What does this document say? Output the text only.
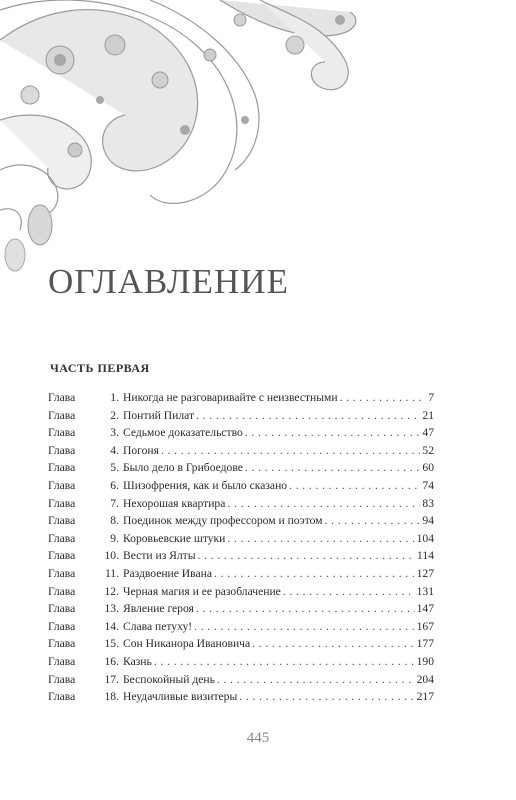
ОГЛАВЛЕНИЕ
ЧАСТЬ ПЕРВАЯ
Глава	1. Никогда не разговаривайте с неизвестными . . .	7
Глава	2. Понтий Пилат . . .	21
Глава	3. Седьмое доказательство . . .	47
Глава	4. Погоня . . .	52
Глава	5. Было дело в Грибоедове . . .	60
Глава	6. Шизофрения, как и было сказано . . .	74
Глава	7. Нехорошая квартира . . .	83
Глава	8. Поединок между профессором и поэтом . . .	94
Глава	9. Коровьевские штуки . . .	104
Глава	10. Вести из Ялты . . .	114
Глава	11. Раздвоение Ивана . . .	127
Глава	12. Черная магия и ее разоблачение . . .	131
Глава	13. Явление героя . . .	147
Глава	14. Слава петуху! . . .	167
Глава	15. Сон Никанора Ивановича . . .	177
Глава	16. Казнь . . .	190
Глава	17. Беспокойный день . . .	204
Глава	18. Неудачливые визитеры . . .	217
445
